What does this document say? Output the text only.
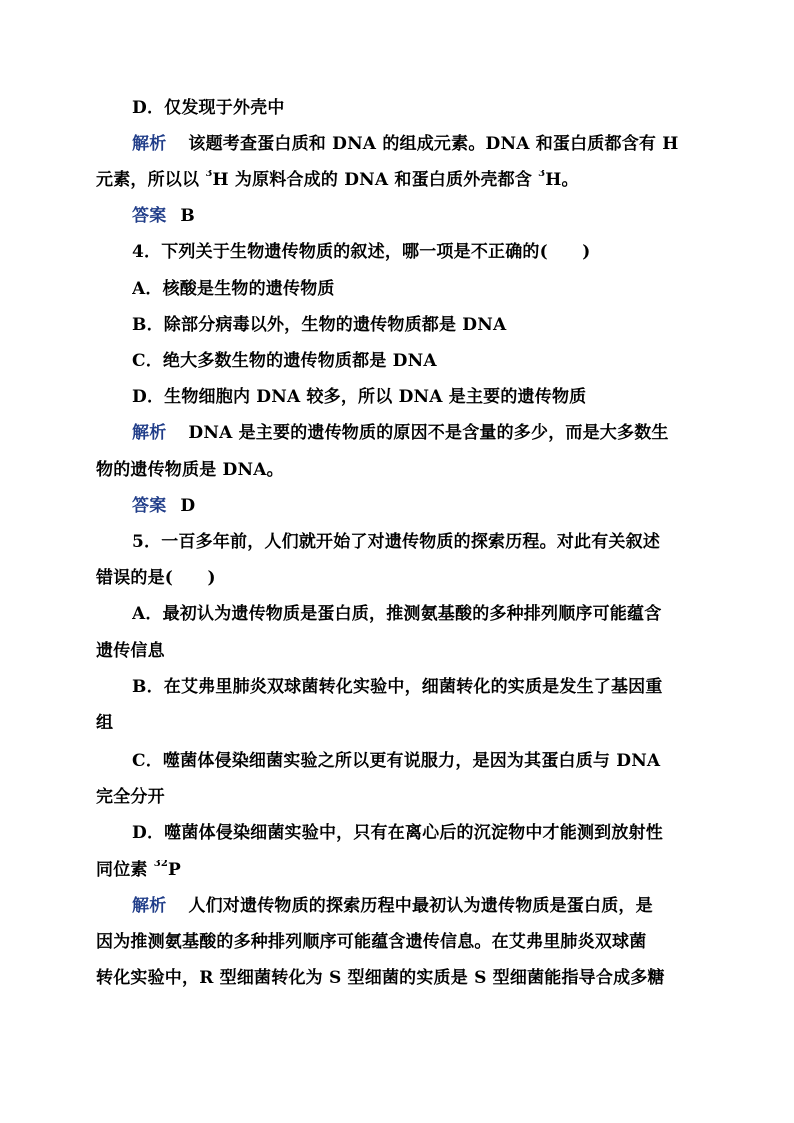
D．仅发现于外壳中
解析 该题考查蛋白质和 DNA 的组成元素。DNA 和蛋白质都含有 H
元素，所以以 $^3$H 为原料合成的 DNA 和蛋白质外壳都含 $^3$H。
答案 B
4．下列关于生物遗传物质的叙述，哪一项是不正确的(　　)
A．核酸是生物的遗传物质
B．除部分病毒以外，生物的遗传物质都是 DNA
C．绝大多数生物的遗传物质都是 DNA
D．生物细胞内 DNA 较多，所以 DNA 是主要的遗传物质
解析 DNA 是主要的遗传物质的原因不是含量的多少，而是大多数生
物的遗传物质是 DNA。
答案 D
5．一百多年前，人们就开始了对遗传物质的探索历程。对此有关叙述
错误的是(　　)
A．最初认为遗传物质是蛋白质，推测氨基酸的多种排列顺序可能蕴含
遗传信息
B．在艾弗里肺炎双球菌转化实验中，细菌转化的实质是发生了基因重
组
C．噬菌体侵染细菌实验之所以更有说服力，是因为其蛋白质与 DNA
完全分开
D．噬菌体侵染细菌实验中，只有在离心后的沉淀物中才能测到放射性
同位素 $^{32}$P
解析 人们对遗传物质的探索历程中最初认为遗传物质是蛋白质，是
因为推测氨基酸的多种排列顺序可能蕴含遗传信息。在艾弗里肺炎双球菌
转化实验中，R 型细菌转化为 S 型细菌的实质是 S 型细菌能指导合成多糖
